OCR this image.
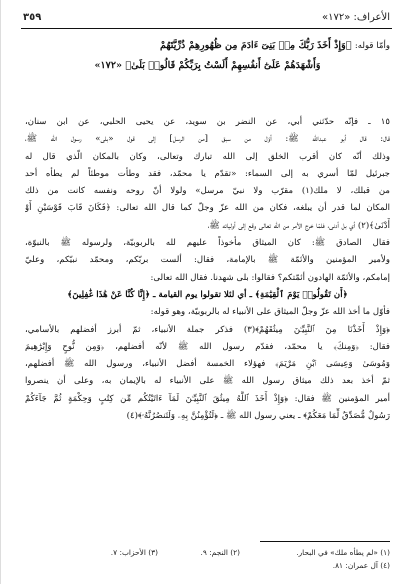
الأعراف: «١٧٢»
٣٥٩
وأمّا قوله: ﴿وَإِذْ أَخَذَ رَبُّكَ مِنۢ بَنِىٓ ءَادَمَ مِن ظُهُورِهِمْ ذُرِّيَّتَهُمْ
وَأَشْهَدَهُمْ عَلَىٰٓ أَنفُسِهِمْ أَلَسْتُ بِرَبِّكُمْ قَالُوا۟ بَلَىٰ﴾ «١٧٢»
١٥ ـ فإنّه حدّثني أبي، عن النضر بن سويد، عن يحيى الحلبي، عن ابن سنان،
قال: قال أبو عبدالله ﷺ: أوّل من سبق [من الرسل] إلى قول «بلى» رسول الله ﷺ،
وذلك أنّه كان أقرب الخلق إلى الله تبارك وتعالى، وكان بالمكان الّذي قال له
جبرئيل لمّا أسري به إلى السماء: «تقدّم يا محمّد، فقد وطأت موطئاً لم يطأه أحد
من قبلك، لا ملك(١) مقرّب ولا نبيّ مرسل» ولولا أنّ روحه ونفسه كانت من ذلك
المكان لما قدر أن يبلغه، فكان من الله عزّ وجلّ كما قال الله تعالى: ﴿فَكَانَ قَابَ قَوْسَيْنِ أَوْ
أَدْنَىٰ﴾(٢) أي بل أدنى، فلمّا خرج الأمر من الله تعالى وقع إلى أوليائه ﷺ،
فقال الصادق ﷺ: كان الميثاق مأخوذاً عليهم لله بالربوبيّة، ولرسوله ﷺ بالنبوّة،
ولأمير المؤمنين والأئمّة ﷺ بالإمامة، فقال: ألست بربّكم، ومحمّد نبيّكم، وعليّ
إمامكم، والأئمّة الهادون أئمّتكم؟ فقالوا: بلى شهدنا. فقال الله تعالى:
﴿أَن تَقُولُوا۟ يَوْمَ ٱلْقِيَٰمَةِ﴾ ـ أي لئلا تقولوا يوم القيامة ـ ﴿إِنَّا كُنَّا عَنْ هَٰذَا غَٰفِلِينَ﴾
فأوّل ما أخذ الله عزّ وجلّ الميثاق على الأنبياء له بالربوبيّة، وهو قوله:
﴿وَإِذْ أَخَذْنَا مِنَ ٱلنَّبِيِّـۧنَ مِيثَٰقَهُمْ﴾(٣) فذكر جملة الأنبياء، ثمّ أبرز أفضلهم بالأسامي،
فقال: ﴿وَمِنكَ﴾ يا محمّد، فقدّم رسول الله ﷺ لأنّه أفضلهم، ﴿وَمِن نُّوحٍ وَإِبْرَٰهِيمَ
وَمُوسَىٰ وَعِيسَى ٱبْنِ مَرْيَمَ﴾ فهؤلاء الخمسة أفضل الأنبياء، ورسول الله ﷺ أفضلهم،
ثمّ أخذ بعد ذلك ميثاق رسول الله ﷺ على الأنبياء له بالإيمان به، وعلى أن ينصروا
أمير المؤمنين ﷺ فقال: ﴿وَإِذْ أَخَذَ ٱللَّهُ مِيثَٰقَ ٱلنَّبِيِّـۧنَ لَمَآ ءَاتَيْتُكُم مِّن كِتَٰبٍ وَحِكْمَةٍ ثُمَّ جَآءَكُمْ
رَسُولٌ مُّصَدِّقٌ لِّمَا مَعَكُمْ﴾ ـ يعني رسول الله ﷺ ـ ﴿لَتُؤْمِنُنَّ بِهِۦ وَلَتَنصُرُنَّهُۥ﴾(٤)
(١) «لم يطأه ملك» في البحار.
(٢) النجم: ٩.
(٣) الأحزاب: ٧.
(٤) آل عمران: ٨١.
